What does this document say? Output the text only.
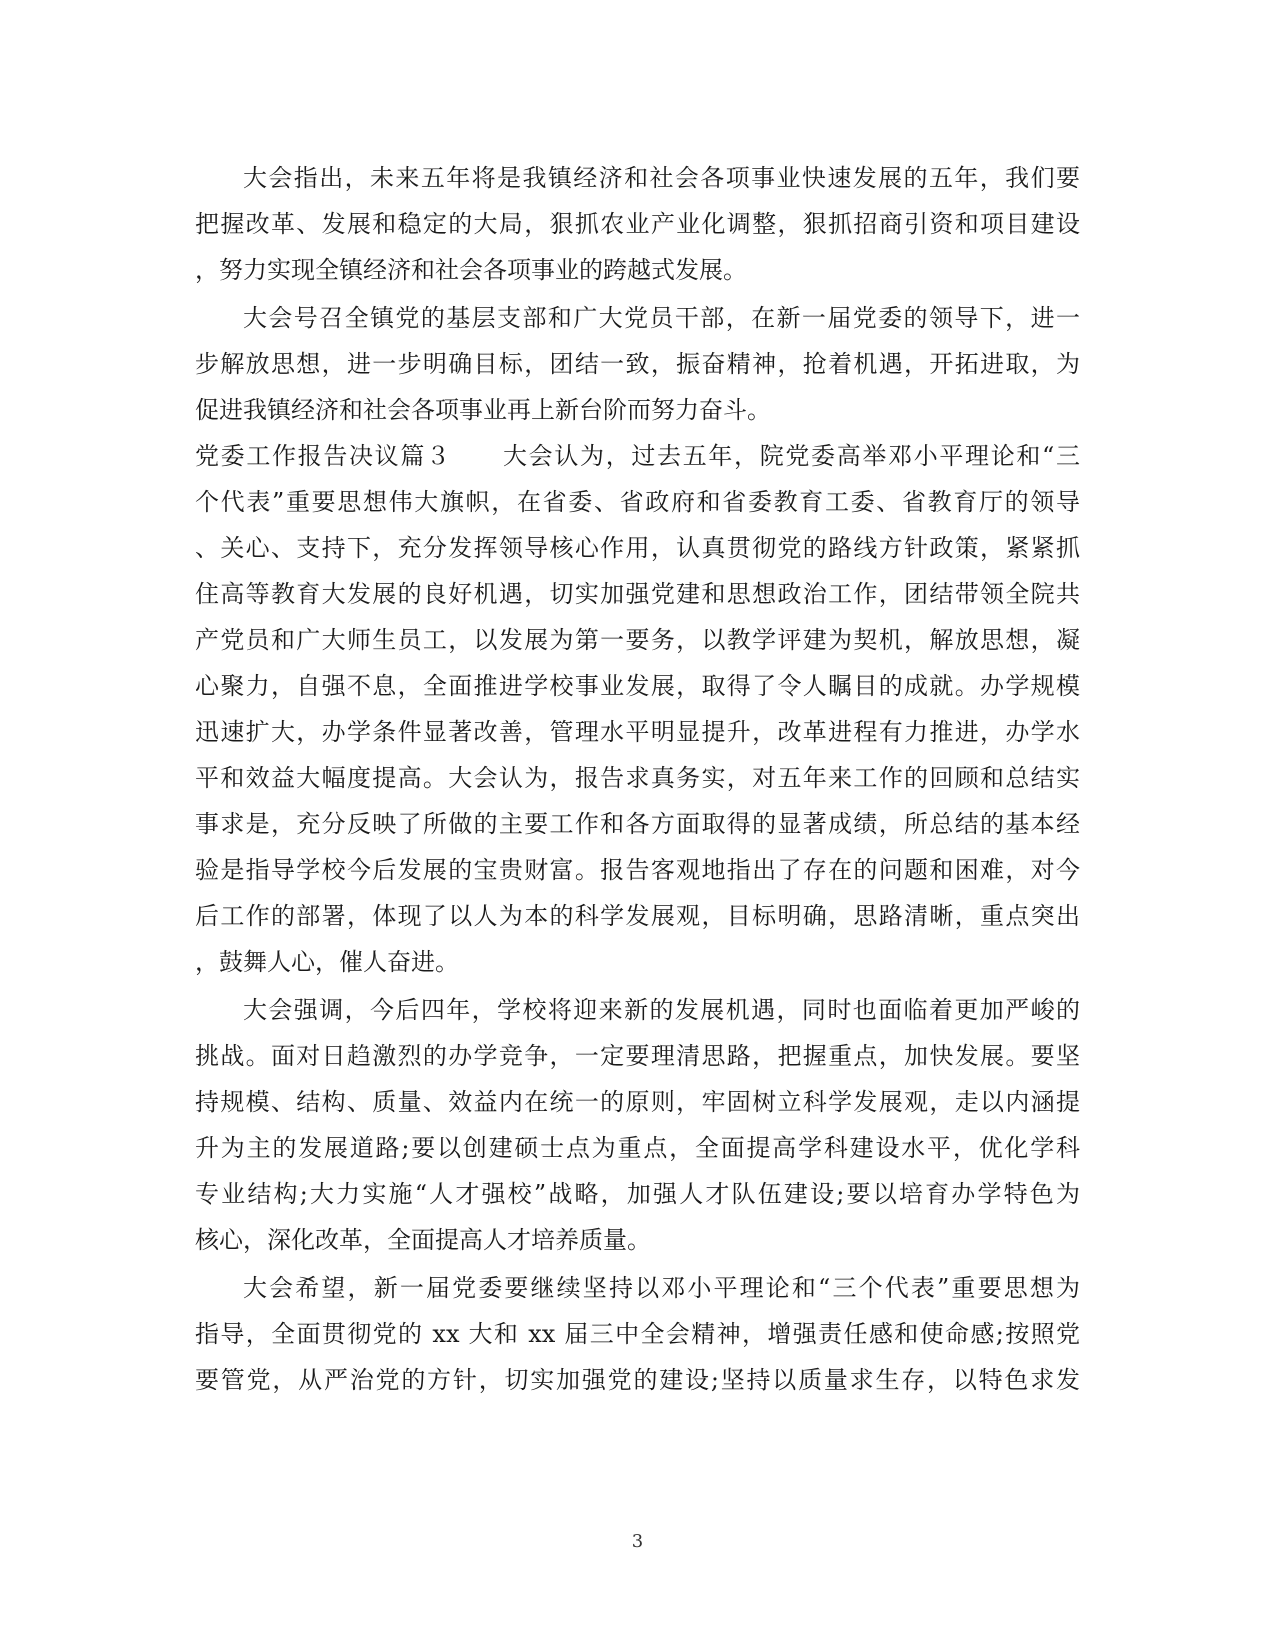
大会指出，未来五年将是我镇经济和社会各项事业快速发展的五年，我们要
把握改革、发展和稳定的大局，狠抓农业产业化调整，狠抓招商引资和项目建设
，努力实现全镇经济和社会各项事业的跨越式发展。
大会号召全镇党的基层支部和广大党员干部，在新一届党委的领导下，进一
步解放思想，进一步明确目标，团结一致，振奋精神，抢着机遇，开拓进取，为
促进我镇经济和社会各项事业再上新台阶而努力奋斗。
党委工作报告决议篇３　　大会认为，过去五年，院党委高举邓小平理论和“三
个代表”重要思想伟大旗帜，在省委、省政府和省委教育工委、省教育厅的领导
、关心、支持下，充分发挥领导核心作用，认真贯彻党的路线方针政策，紧紧抓
住高等教育大发展的良好机遇，切实加强党建和思想政治工作，团结带领全院共
产党员和广大师生员工，以发展为第一要务，以教学评建为契机，解放思想，凝
心聚力，自强不息，全面推进学校事业发展，取得了令人瞩目的成就。办学规模
迅速扩大，办学条件显著改善，管理水平明显提升，改革进程有力推进，办学水
平和效益大幅度提高。大会认为，报告求真务实，对五年来工作的回顾和总结实
事求是，充分反映了所做的主要工作和各方面取得的显著成绩，所总结的基本经
验是指导学校今后发展的宝贵财富。报告客观地指出了存在的问题和困难，对今
后工作的部署，体现了以人为本的科学发展观，目标明确，思路清晰，重点突出
，鼓舞人心，催人奋进。
大会强调，今后四年，学校将迎来新的发展机遇，同时也面临着更加严峻的
挑战。面对日趋激烈的办学竞争，一定要理清思路，把握重点，加快发展。要坚
持规模、结构、质量、效益内在统一的原则，牢固树立科学发展观，走以内涵提
升为主的发展道路;要以创建硕士点为重点，全面提高学科建设水平，优化学科
专业结构;大力实施“人才强校”战略，加强人才队伍建设;要以培育办学特色为
核心，深化改革，全面提高人才培养质量。
大会希望，新一届党委要继续坚持以邓小平理论和“三个代表”重要思想为
指导，全面贯彻党的 xx 大和 xx 届三中全会精神，增强责任感和使命感;按照党
要管党，从严治党的方针，切实加强党的建设;坚持以质量求生存，以特色求发
3
